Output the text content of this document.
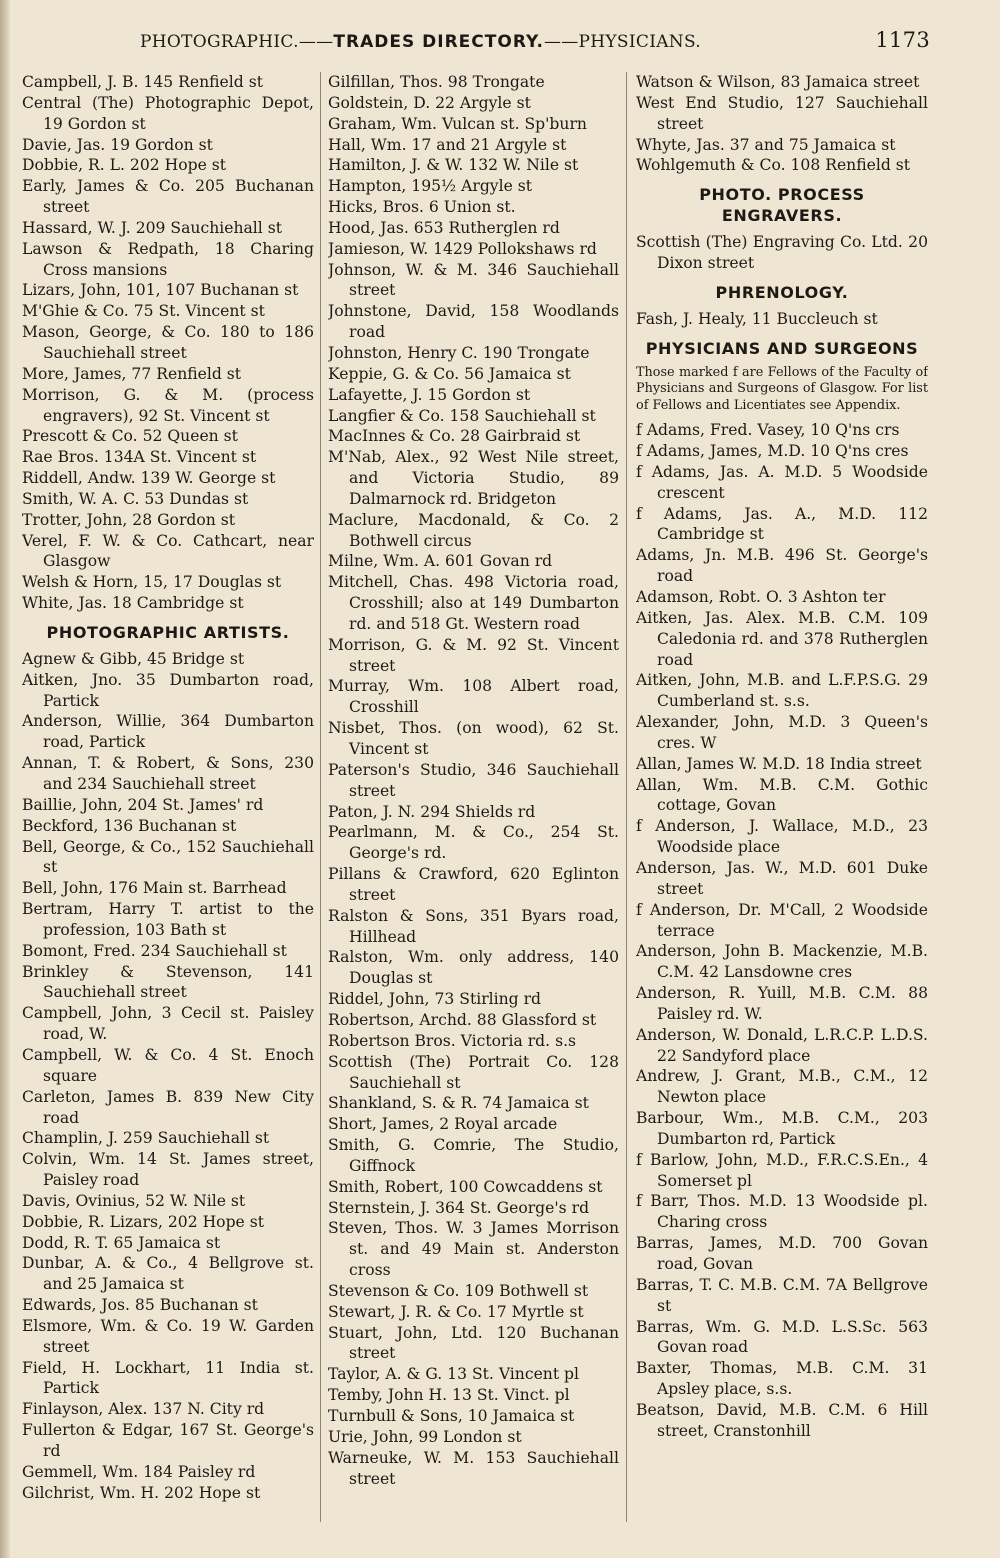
PHOTOGRAPHIC.——TRADES DIRECTORY.——PHYSICIANS.	1173
Campbell, J. B. 145 Renfield st
Central (The) Photographic Depot, 19 Gordon st
Davie, Jas. 19 Gordon st
Dobbie, R. L. 202 Hope st
Early, James & Co. 205 Buchanan street
Hassard, W. J. 209 Sauchiehall st
Lawson & Redpath, 18 Charing Cross mansions
Lizars, John, 101, 107 Buchanan st
M'Ghie & Co. 75 St. Vincent st
Mason, George, & Co. 180 to 186 Sauchiehall street
More, James, 77 Renfield st
Morrison, G. & M. (process engravers), 92 St. Vincent st
Prescott & Co. 52 Queen st
Rae Bros. 134A St. Vincent st
Riddell, Andw. 139 W. George st
Smith, W. A. C. 53 Dundas st
Trotter, John, 28 Gordon st
Verel, F. W. & Co. Cathcart, near Glasgow
Welsh & Horn, 15, 17 Douglas st
White, Jas. 18 Cambridge st
PHOTOGRAPHIC ARTISTS.
Agnew & Gibb, 45 Bridge st
Aitken, Jno. 35 Dumbarton road, Partick
Anderson, Willie, 364 Dumbarton road, Partick
Annan, T. & Robert, & Sons, 230 and 234 Sauchiehall street
Baillie, John, 204 St. James' rd
Beckford, 136 Buchanan st
Bell, George, & Co., 152 Sauchiehall st
Bell, John, 176 Main st. Barrhead
Bertram, Harry T. artist to the profession, 103 Bath st
Bomont, Fred. 234 Sauchiehall st
Brinkley & Stevenson, 141 Sauchiehall street
Campbell, John, 3 Cecil st. Paisley road, W.
Campbell, W. & Co. 4 St. Enoch square
Carleton, James B. 839 New City road
Champlin, J. 259 Sauchiehall st
Colvin, Wm. 14 St. James street, Paisley road
Davis, Ovinius, 52 W. Nile st
Dobbie, R. Lizars, 202 Hope st
Dodd, R. T. 65 Jamaica st
Dunbar, A. & Co., 4 Bellgrove st. and 25 Jamaica st
Edwards, Jos. 85 Buchanan st
Elsmore, Wm. & Co. 19 W. Garden street
Field, H. Lockhart, 11 India st. Partick
Finlayson, Alex. 137 N. City rd
Fullerton & Edgar, 167 St. George's rd
Gemmell, Wm. 184 Paisley rd
Gilchrist, Wm. H. 202 Hope st
Gilfillan, Thos. 98 Trongate
Goldstein, D. 22 Argyle st
Graham, Wm. Vulcan st. Sp'burn
Hall, Wm. 17 and 21 Argyle st
Hamilton, J. & W. 132 W. Nile st
Hampton, 195½ Argyle st
Hicks, Bros. 6 Union st.
Hood, Jas. 653 Rutherglen rd
Jamieson, W. 1429 Pollokshaws rd
Johnson, W. & M. 346 Sauchiehall street
Johnstone, David, 158 Woodlands road
Johnston, Henry C. 190 Trongate
Keppie, G. & Co. 56 Jamaica st
Lafayette, J. 15 Gordon st
Langfier & Co. 158 Sauchiehall st
MacInnes & Co. 28 Gairbraid st
M'Nab, Alex., 92 West Nile street, and Victoria Studio, 89 Dalmarnock rd. Bridgeton
Maclure, Macdonald, & Co. 2 Bothwell circus
Milne, Wm. A. 601 Govan rd
Mitchell, Chas. 498 Victoria road, Crosshill; also at 149 Dumbarton rd. and 518 Gt. Western road
Morrison, G. & M. 92 St. Vincent street
Murray, Wm. 108 Albert road, Crosshill
Nisbet, Thos. (on wood), 62 St. Vincent st
Paterson's Studio, 346 Sauchiehall street
Paton, J. N. 294 Shields rd
Pearlmann, M. & Co., 254 St. George's rd.
Pillans & Crawford, 620 Eglinton street
Ralston & Sons, 351 Byars road, Hillhead
Ralston, Wm. only address, 140 Douglas st
Riddel, John, 73 Stirling rd
Robertson, Archd. 88 Glassford st
Robertson Bros. Victoria rd. s.s
Scottish (The) Portrait Co. 128 Sauchiehall st
Shankland, S. & R. 74 Jamaica st
Short, James, 2 Royal arcade
Smith, G. Comrie, The Studio, Giffnock
Smith, Robert, 100 Cowcaddens st
Sternstein, J. 364 St. George's rd
Steven, Thos. W. 3 James Morrison st. and 49 Main st. Anderston cross
Stevenson & Co. 109 Bothwell st
Stewart, J. R. & Co. 17 Myrtle st
Stuart, John, Ltd. 120 Buchanan street
Taylor, A. & G. 13 St. Vincent pl
Temby, John H. 13 St. Vinct. pl
Turnbull & Sons, 10 Jamaica st
Urie, John, 99 London st
Warneuke, W. M. 153 Sauchiehall street
Watson & Wilson, 83 Jamaica street
West End Studio, 127 Sauchiehall street
Whyte, Jas. 37 and 75 Jamaica st
Wohlgemuth & Co. 108 Renfield st
PHOTO. PROCESS ENGRAVERS.
Scottish (The) Engraving Co. Ltd. 20 Dixon street
PHRENOLOGY.
Fash, J. Healy, 11 Buccleuch st
PHYSICIANS AND SURGEONS
Those marked f are Fellows of the Faculty of Physicians and Surgeons of Glasgow. For list of Fellows and Licentiates see Appendix.
f Adams, Fred. Vasey, 10 Q'ns crs
f Adams, James, M.D. 10 Q'ns cres
f Adams, Jas. A. M.D. 5 Woodside crescent
f Adams, Jas. A., M.D. 112 Cambridge st
Adams, Jn. M.B. 496 St. George's road
Adamson, Robt. O. 3 Ashton ter
Aitken, Jas. Alex. M.B. C.M. 109 Caledonia rd. and 378 Rutherglen road
Aitken, John, M.B. and L.F.P.S.G. 29 Cumberland st. s.s.
Alexander, John, M.D. 3 Queen's cres. W
Allan, James W. M.D. 18 India street
Allan, Wm. M.B. C.M. Gothic cottage, Govan
f Anderson, J. Wallace, M.D., 23 Woodside place
Anderson, Jas. W., M.D. 601 Duke street
f Anderson, Dr. M'Call, 2 Woodside terrace
Anderson, John B. Mackenzie, M.B. C.M. 42 Lansdowne cres
Anderson, R. Yuill, M.B. C.M. 88 Paisley rd. W.
Anderson, W. Donald, L.R.C.P. L.D.S. 22 Sandyford place
Andrew, J. Grant, M.B., C.M., 12 Newton place
Barbour, Wm., M.B. C.M., 203 Dumbarton rd, Partick
f Barlow, John, M.D., F.R.C.S.En., 4 Somerset pl
f Barr, Thos. M.D. 13 Woodside pl. Charing cross
Barras, James, M.D. 700 Govan road, Govan
Barras, T. C. M.B. C.M. 7A Bellgrove st
Barras, Wm. G. M.D. L.S.Sc. 563 Govan road
Baxter, Thomas, M.B. C.M. 31 Apsley place, s.s.
Beatson, David, M.B. C.M. 6 Hill street, Cranstonhill
